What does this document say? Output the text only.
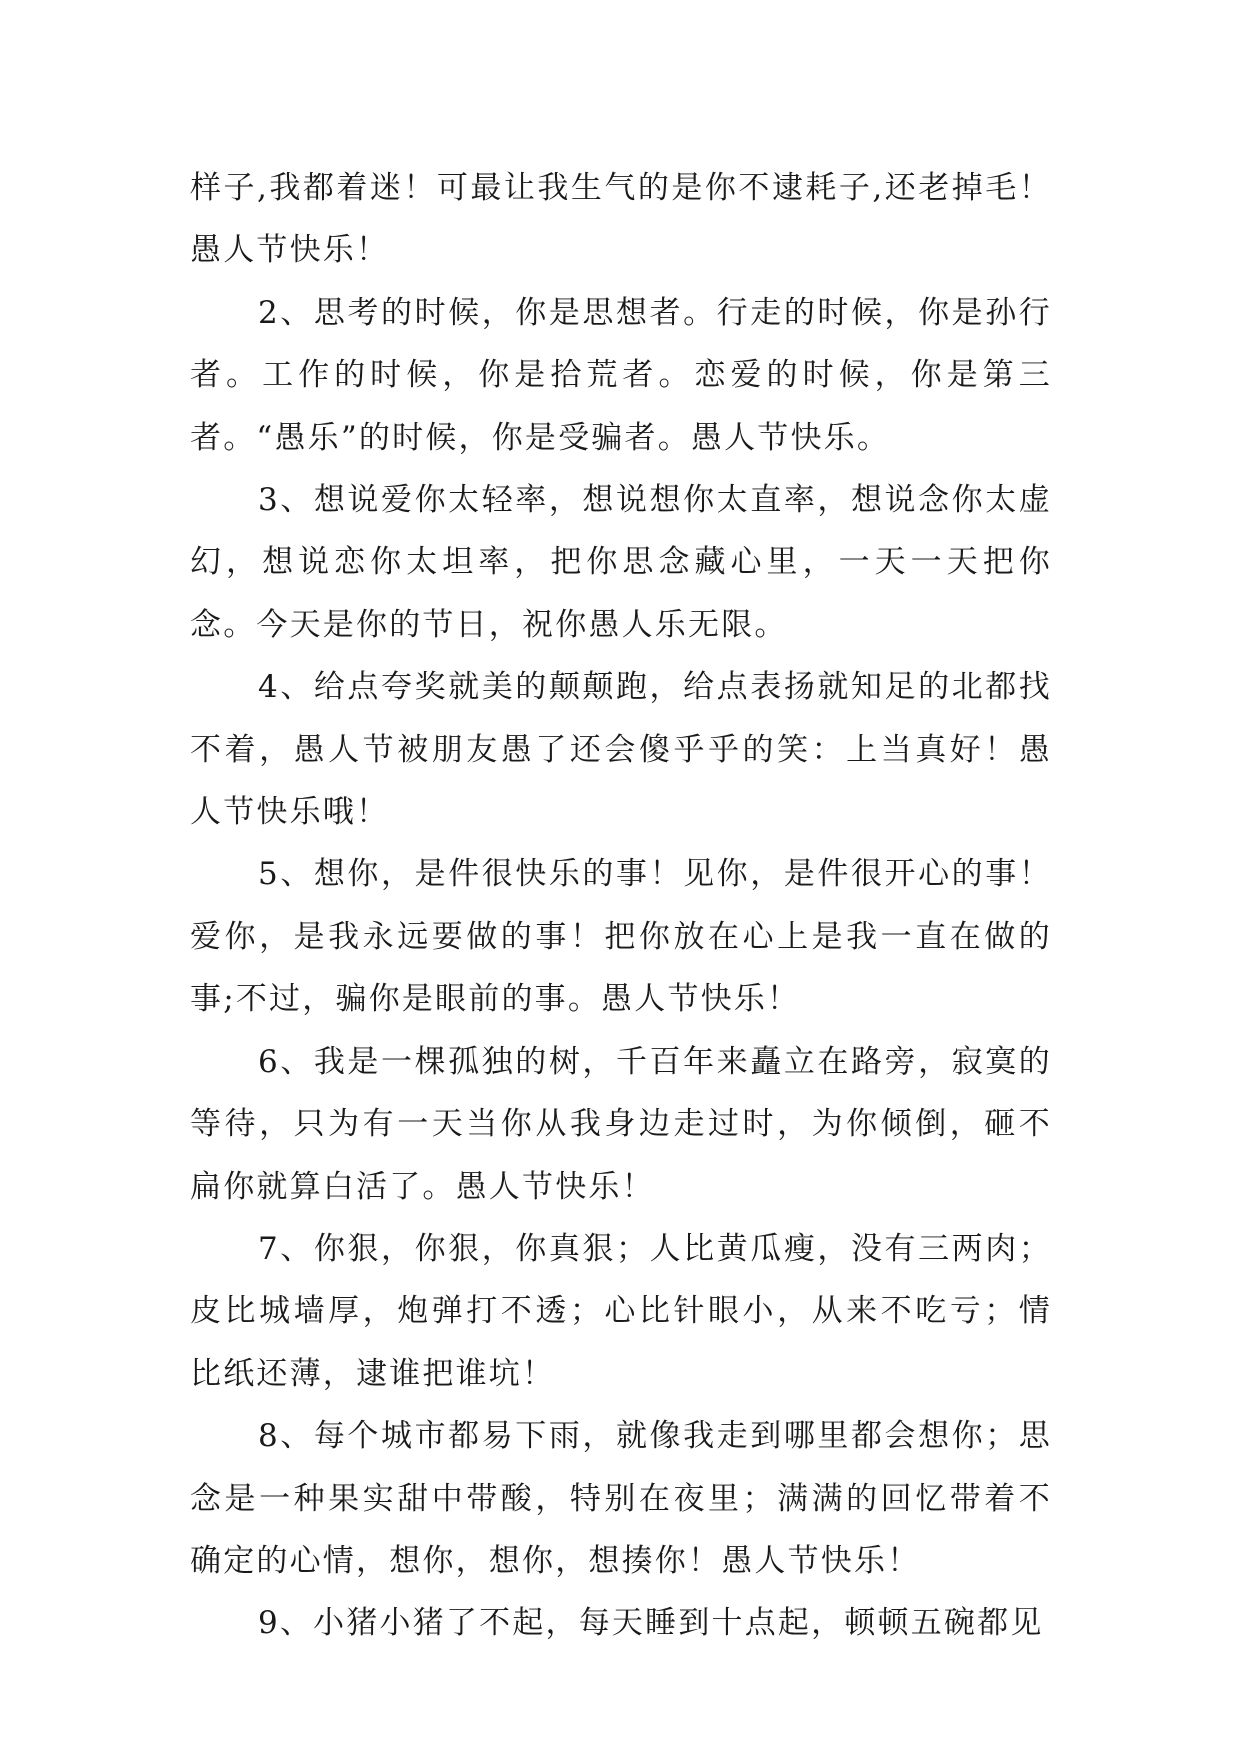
样子,我都着迷！可最让我生气的是你不逮耗子,还老掉毛！愚人节快乐！

2、思考的时候，你是思想者。行走的时候，你是孙行者。工作的时候，你是拾荒者。恋爱的时候，你是第三者。“愚乐”的时候，你是受骗者。愚人节快乐。

3、想说爱你太轻率，想说想你太直率，想说念你太虚幻，想说恋你太坦率，把你思念藏心里，一天一天把你念。今天是你的节日，祝你愚人乐无限。

4、给点夸奖就美的颠颠跑，给点表扬就知足的北都找不着，愚人节被朋友愚了还会傻乎乎的笑：上当真好！愚人节快乐哦！

5、想你，是件很快乐的事！见你，是件很开心的事！爱你，是我永远要做的事！把你放在心上是我一直在做的事;不过，骗你是眼前的事。愚人节快乐！

6、我是一棵孤独的树，千百年来矗立在路旁，寂寞的等待，只为有一天当你从我身边走过时，为你倾倒，砸不扁你就算白活了。愚人节快乐！

7、你狠，你狠，你真狠；人比黄瓜瘦，没有三两肉；皮比城墙厚，炮弹打不透；心比针眼小，从来不吃亏；情比纸还薄，逮谁把谁坑！

8、每个城市都易下雨，就像我走到哪里都会想你；思念是一种果实甜中带酸，特别在夜里；满满的回忆带着不确定的心情，想你，想你，想揍你！愚人节快乐！

9、小猪小猪了不起，每天睡到十点起，顿顿五碗都见
